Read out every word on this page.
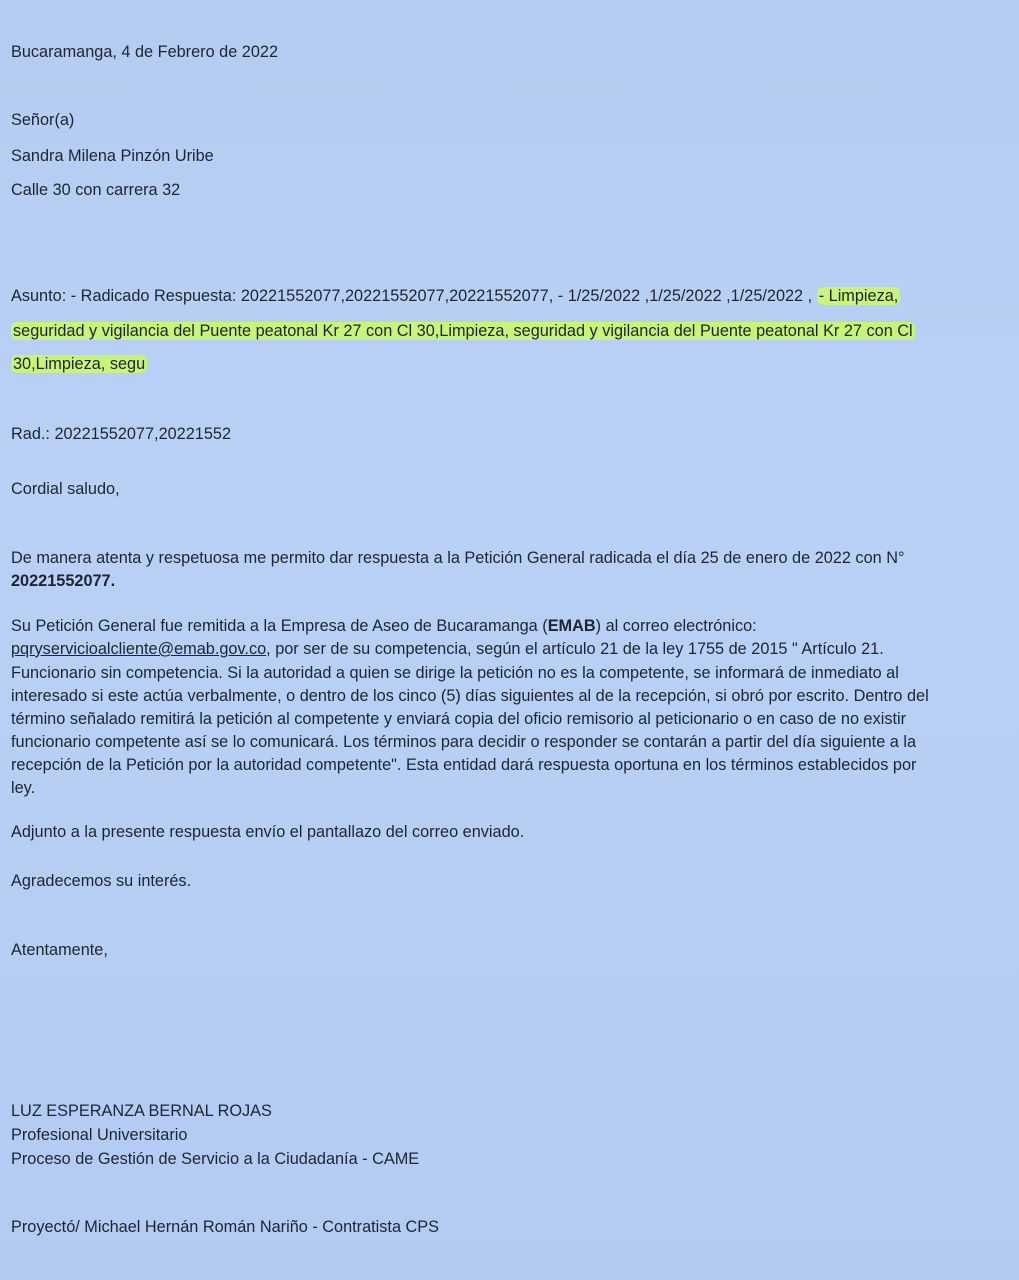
Bucaramanga, 4 de Febrero de 2022
Señor(a)
Sandra Milena Pinzón Uribe
Calle 30 con carrera 32
Asunto: - Radicado Respuesta: 20221552077,20221552077,20221552077, - 1/25/2022 ,1/25/2022 ,1/25/2022 , - Limpieza,
seguridad y vigilancia del Puente peatonal Kr 27 con Cl 30,Limpieza, seguridad y vigilancia del Puente peatonal Kr 27 con Cl
30,Limpieza, segu
Rad.: 20221552077,20221552
Cordial saludo,
De manera atenta y respetuosa me permito dar respuesta a la Petición General radicada el día 25 de enero de 2022 con N°
20221552077.
Su Petición General fue remitida a la Empresa de Aseo de Bucaramanga (EMAB) al correo electrónico:
pqryservicioalcliente@emab.gov.co, por ser de su competencia, según el artículo 21 de la ley 1755 de 2015 " Artículo 21.
Funcionario sin competencia. Si la autoridad a quien se dirige la petición no es la competente, se informará de inmediato al
interesado si este actúa verbalmente, o dentro de los cinco (5) días siguientes al de la recepción, si obró por escrito. Dentro del
término señalado remitirá la petición al competente y enviará copia del oficio remisorio al peticionario o en caso de no existir
funcionario competente así se lo comunicará. Los términos para decidir o responder se contarán a partir del día siguiente a la
recepción de la Petición por la autoridad competente". Esta entidad dará respuesta oportuna en los términos establecidos por
ley.
Adjunto a la presente respuesta envío el pantallazo del correo enviado.
Agradecemos su interés.
Atentamente,
LUZ ESPERANZA BERNAL ROJAS
Profesional Universitario
Proceso de Gestión de Servicio a la Ciudadanía - CAME
Proyectó/ Michael Hernán Román Nariño - Contratista CPS
